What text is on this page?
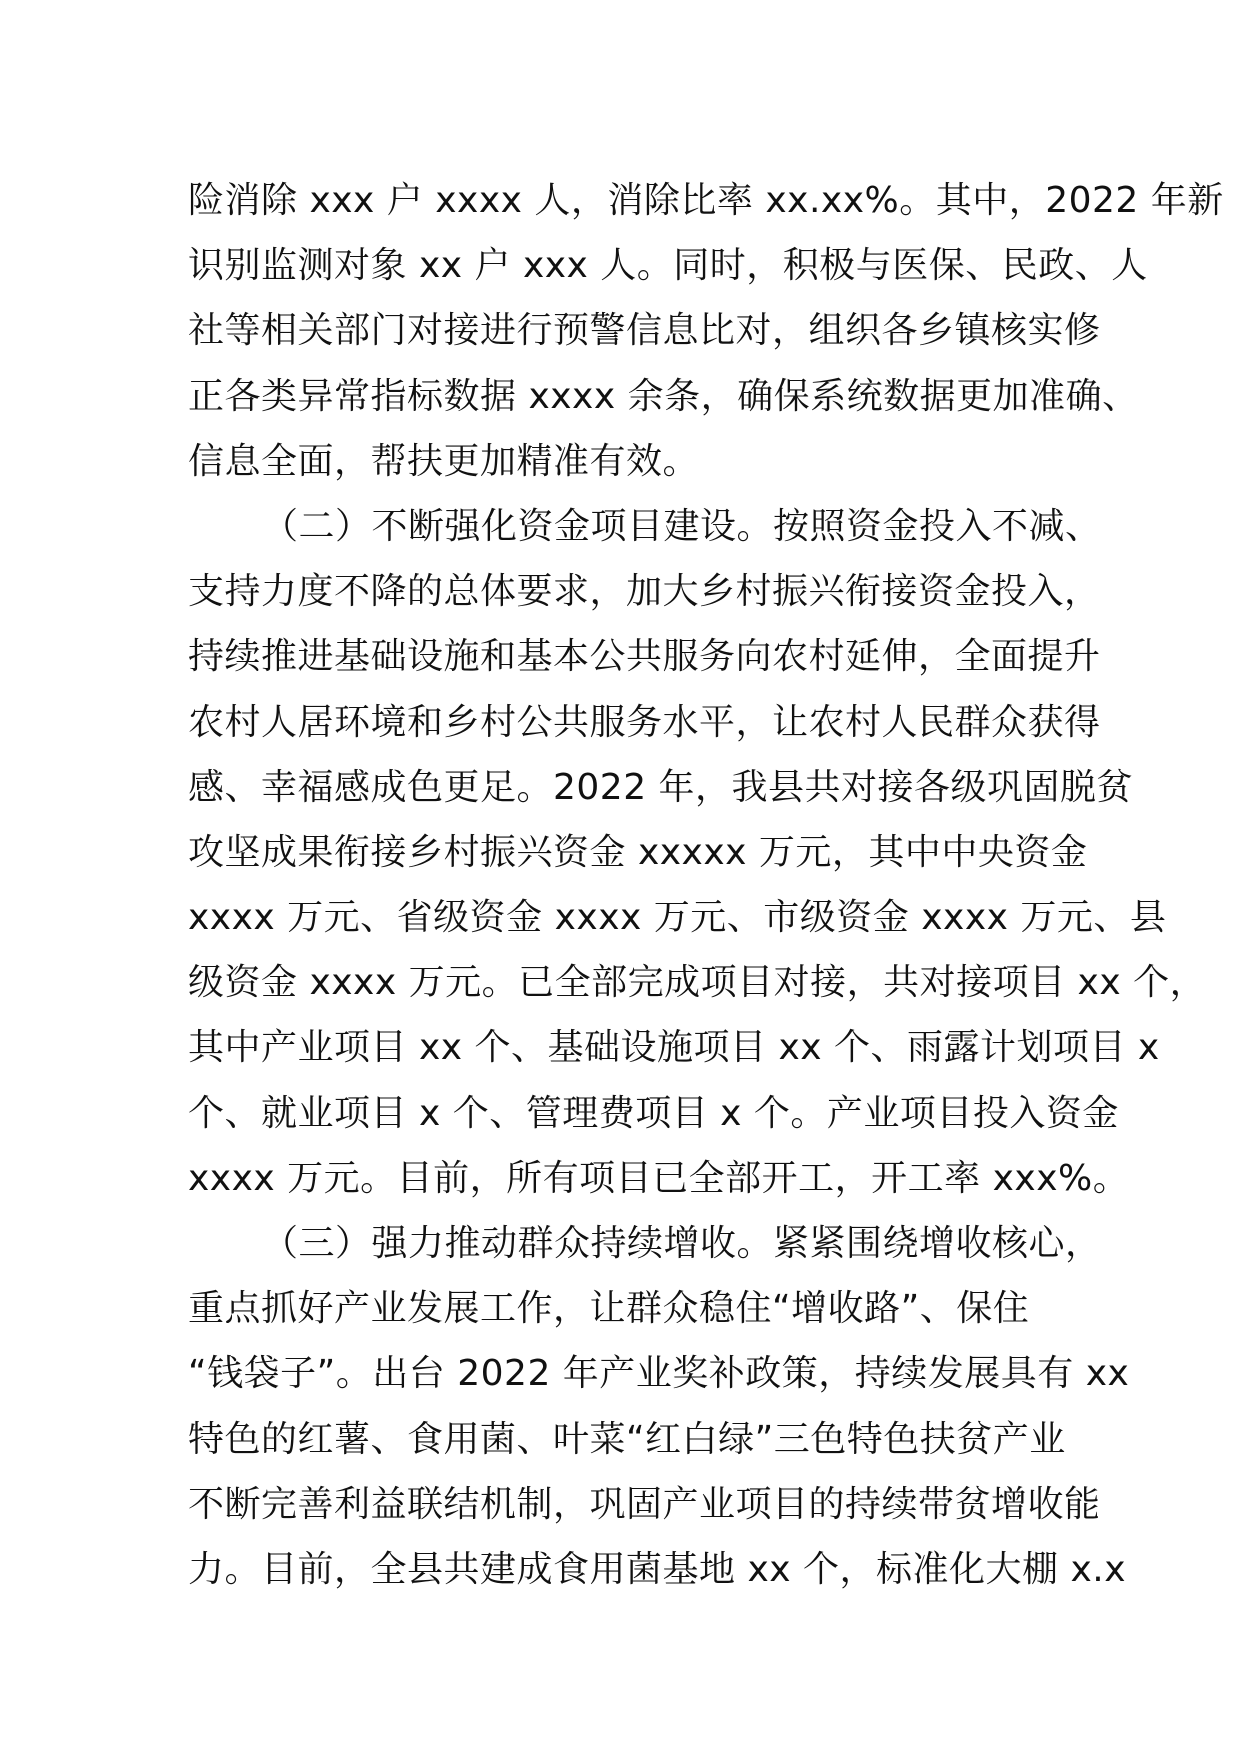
险消除 xxx 户 xxxx 人，消除比率 xx.xx%。其中，2022 年新
识别监测对象 xx 户 xxx 人。同时，积极与医保、民政、人
社等相关部门对接进行预警信息比对，组织各乡镇核实修
正各类异常指标数据 xxxx 余条，确保系统数据更加准确、
信息全面，帮扶更加精准有效。
（二）不断强化资金项目建设。按照资金投入不减、
支持力度不降的总体要求，加大乡村振兴衔接资金投入，
持续推进基础设施和基本公共服务向农村延伸，全面提升
农村人居环境和乡村公共服务水平，让农村人民群众获得
感、幸福感成色更足。2022 年，我县共对接各级巩固脱贫
攻坚成果衔接乡村振兴资金 xxxxx 万元，其中中央资金
xxxx 万元、省级资金 xxxx 万元、市级资金 xxxx 万元、县
级资金 xxxx 万元。已全部完成项目对接，共对接项目 xx 个，
其中产业项目 xx 个、基础设施项目 xx 个、雨露计划项目 x
个、就业项目 x 个、管理费项目 x 个。产业项目投入资金
xxxx 万元。目前，所有项目已全部开工，开工率 xxx%。
（三）强力推动群众持续增收。紧紧围绕增收核心，
重点抓好产业发展工作，让群众稳住“增收路”、保住
“钱袋子”。出台 2022 年产业奖补政策，持续发展具有 xx
特色的红薯、食用菌、叶菜“红白绿”三色特色扶贫产业
不断完善利益联结机制，巩固产业项目的持续带贫增收能
力。目前，全县共建成食用菌基地 xx 个，标准化大棚 x.x
